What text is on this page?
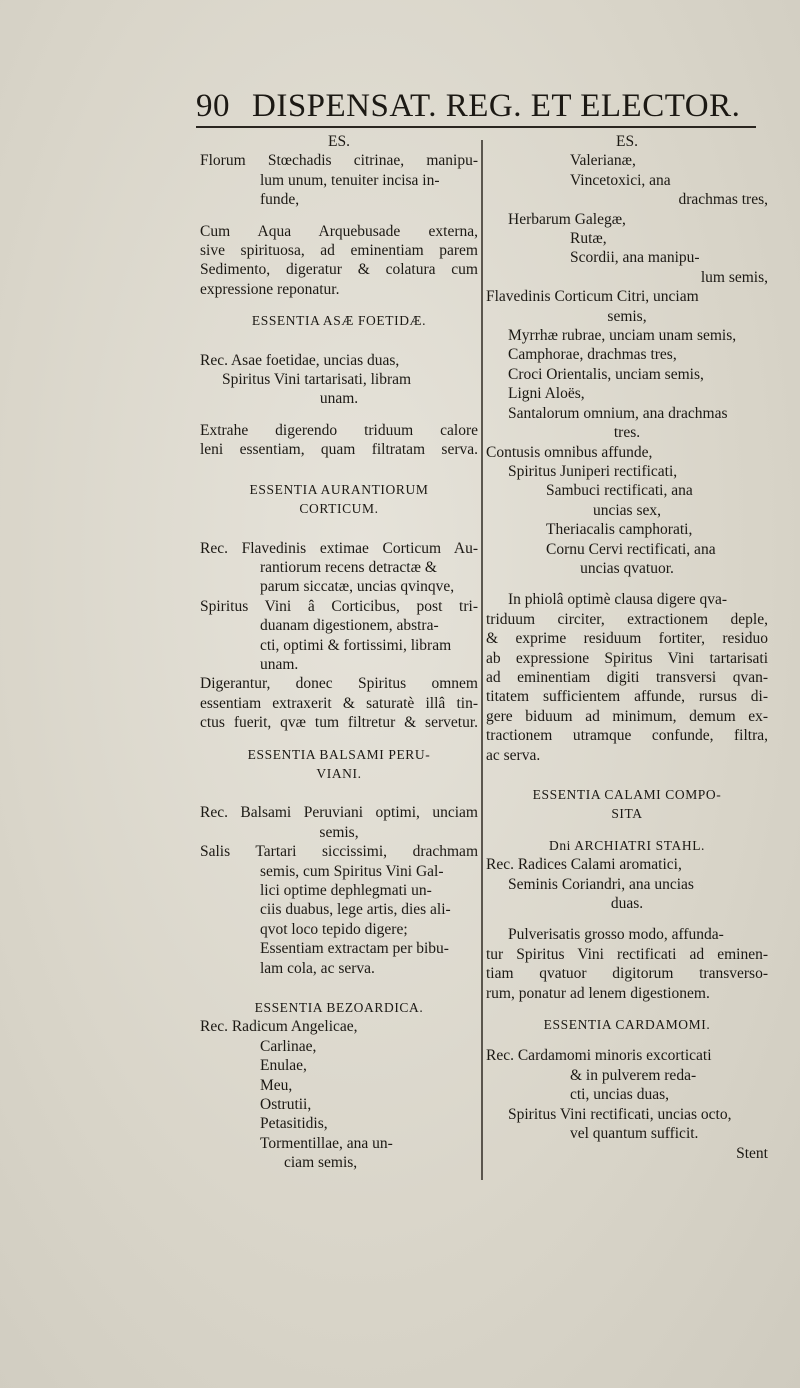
90 DISPENSAT. REG. ET ELECTOR.
ES.
Florum Stœchadis citrinae, manipu-
lum unum, tenuiter incisa in-
funde,
Cum Aqua Arquebusade externa,
sive spirituosa, ad eminentiam parem
Sedimento, digeratur & colatura cum
expressione reponatur.
ESSENTIA ASÆ FOETIDÆ.
Rec. Asae foetidae, uncias duas,
Spiritus Vini tartarisati, libram
unam.
Extrahe digerendo triduum calore
leni essentiam, quam filtratam serva.
ESSENTIA AURANTIORUM
CORTICUM.
Rec. Flavedinis extimae Corticum Au-
rantiorum recens detractæ &
parum siccatæ, uncias qvinqve,
Spiritus Vini â Corticibus, post tri-
duanam digestionem, abstra-
cti, optimi & fortissimi, libram
unam.
Digerantur, donec Spiritus omnem
essentiam extraxerit & saturatè illâ tin-
ctus fuerit, qvæ tum filtretur & servetur.
ESSENTIA BALSAMI PERU-
VIANI.
Rec. Balsami Peruviani optimi, unciam
semis,
Salis Tartari siccissimi, drachmam
semis, cum Spiritus Vini Gal-
lici optime dephlegmati un-
ciis duabus, lege artis, dies ali-
qvot loco tepido digere;
Essentiam extractam per bibu-
lam cola, ac serva.
ESSENTIA BEZOARDICA.
Rec. Radicum Angelicae,
Carlinae,
Enulae,
Meu,
Ostrutii,
Petasitidis,
Tormentillae, ana un-
ciam semis,
ES.
Valerianæ,
Vincetoxici, ana
drachmas tres,
Herbarum Galegæ,
Rutæ,
Scordii, ana manipu-
lum semis,
Flavedinis Corticum Citri, unciam
semis,
Myrrhæ rubrae, unciam unam semis,
Camphorae, drachmas tres,
Croci Orientalis, unciam semis,
Ligni Aloës,
Santalorum omnium, ana drachmas
tres.
Contusis omnibus affunde,
Spiritus Juniperi rectificati,
Sambuci rectificati, ana
uncias sex,
Theriacalis camphorati,
Cornu Cervi rectificati, ana
uncias qvatuor.
In phiolâ optimè clausa digere qva-
triduum circiter, extractionem deple,
& exprime residuum fortiter, residuo
ab expressione Spiritus Vini tartarisati
ad eminentiam digiti transversi qvan-
titatem sufficientem affunde, rursus di-
gere biduum ad minimum, demum ex-
tractionem utramque confunde, filtra,
ac serva.
ESSENTIA CALAMI COMPO-
SITA
Dni ARCHIATRI STAHL.
Rec. Radices Calami aromatici,
Seminis Coriandri, ana uncias
duas.
Pulverisatis grosso modo, affunda-
tur Spiritus Vini rectificati ad eminen-
tiam qvatuor digitorum transverso-
rum, ponatur ad lenem digestionem.
ESSENTIA CARDAMOMI.
Rec. Cardamomi minoris excorticati
& in pulverem reda-
cti, uncias duas,
Spiritus Vini rectificati, uncias octo,
vel quantum sufficit.
Stent
